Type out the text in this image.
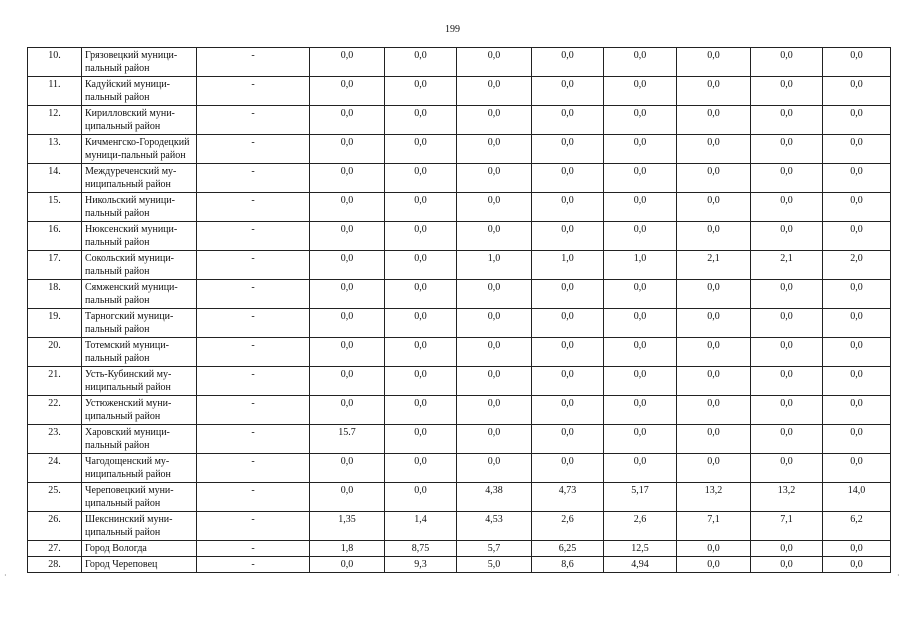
199
10.	Грязовецкий муници-пальный район	-	0,0	0,0	0,0	0,0	0,0	0,0	0,0	0,0
11.	Кадуйский муници-пальный район	-	0,0	0,0	0,0	0,0	0,0	0,0	0,0	0,0
12.	Кирилловский муни-ципальный район	-	0,0	0,0	0,0	0,0	0,0	0,0	0,0	0,0
13.	Кичменгско-Городецкий муници-пальный район	-	0,0	0,0	0,0	0,0	0,0	0,0	0,0	0,0
14.	Междуреченский му-ниципальный район	-	0,0	0,0	0,0	0,0	0,0	0,0	0,0	0,0
15.	Никольский муници-пальный район	-	0,0	0,0	0,0	0,0	0,0	0,0	0,0	0,0
16.	Нюксенский муници-пальный район	-	0,0	0,0	0,0	0,0	0,0	0,0	0,0	0,0
17.	Сокольский муници-пальный район	-	0,0	0,0	1,0	1,0	1,0	2,1	2,1	2,0
18.	Сямженский муници-пальный район	-	0,0	0,0	0,0	0,0	0,0	0,0	0,0	0,0
19.	Тарногский муници-пальный район	-	0,0	0,0	0,0	0,0	0,0	0,0	0,0	0,0
20.	Тотемский муници-пальный район	-	0,0	0,0	0,0	0,0	0,0	0,0	0,0	0,0
21.	Усть-Кубинский му-ниципальный район	-	0,0	0,0	0,0	0,0	0,0	0,0	0,0	0,0
22.	Устюженский муни-ципальный район	-	0,0	0,0	0,0	0,0	0,0	0,0	0,0	0,0
23.	Харовский муници-пальный район	-	15.7	0,0	0,0	0,0	0,0	0,0	0,0	0,0
24.	Чагодощенский му-ниципальный район	-	0,0	0,0	0,0	0,0	0,0	0,0	0,0	0,0
25.	Череповецкий муни-ципальный район	-	0,0	0,0	4,38	4,73	5,17	13,2	13,2	14,0
26.	Шекснинский муни-ципальный район	-	1,35	1,4	4,53	2,6	2,6	7,1	7,1	6,2
27.	Город Вологда	-	1,8	8,75	5,7	6,25	12,5	0,0	0,0	0,0
28.	Город Череповец	-	0,0	9,3	5,0	8,6	4,94	0,0	0,0	0,0
·	·
